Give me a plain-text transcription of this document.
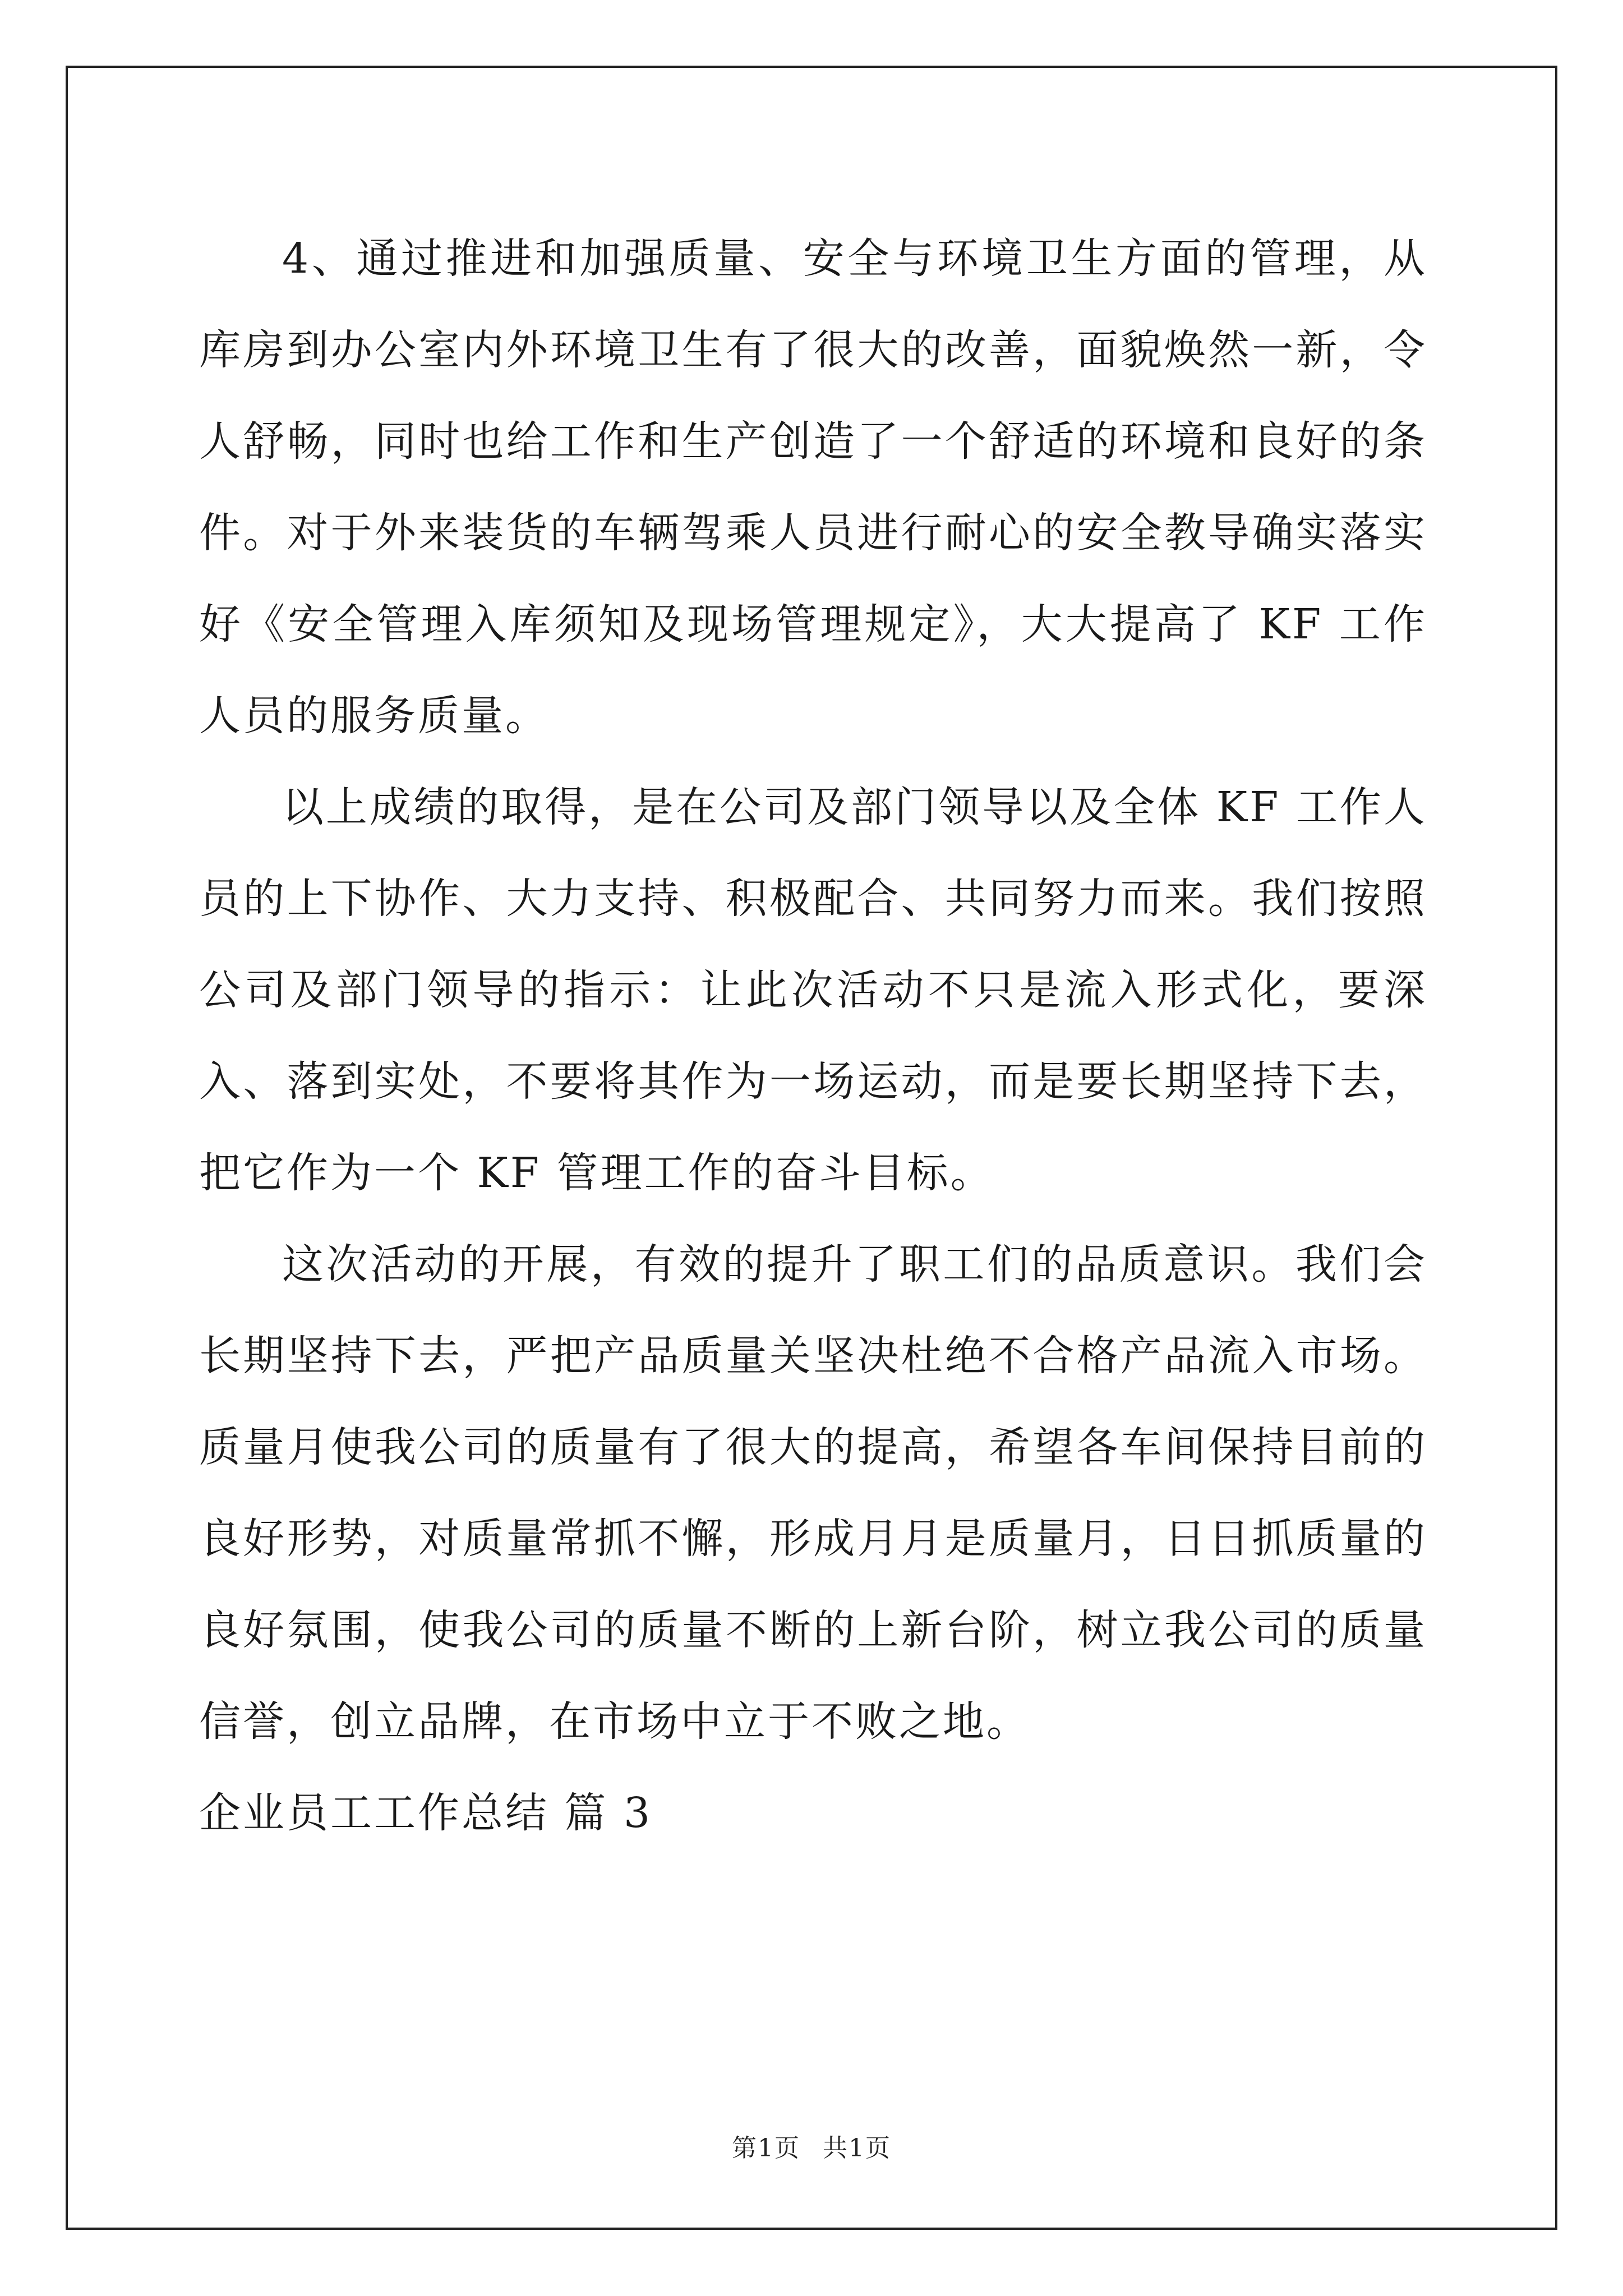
4、通过推进和加强质量、安全与环境卫生方面的管理，从库房到办公室内外环境卫生有了很大的改善，面貌焕然一新，令人舒畅，同时也给工作和生产创造了一个舒适的环境和良好的条件。对于外来装货的车辆驾乘人员进行耐心的安全教导确实落实好《安全管理入库须知及现场管理规定》，大大提高了 KF 工作人员的服务质量。

以上成绩的取得，是在公司及部门领导以及全体 KF 工作人员的上下协作、大力支持、积极配合、共同努力而来。我们按照公司及部门领导的指示：让此次活动不只是流入形式化，要深入、落到实处，不要将其作为一场运动，而是要长期坚持下去，把它作为一个 KF 管理工作的奋斗目标。

这次活动的开展，有效的提升了职工们的品质意识。我们会长期坚持下去，严把产品质量关坚决杜绝不合格产品流入市场。质量月使我公司的质量有了很大的提高，希望各车间保持目前的良好形势，对质量常抓不懈，形成月月是质量月，日日抓质量的良好氛围，使我公司的质量不断的上新台阶，树立我公司的质量信誉，创立品牌，在市场中立于不败之地。

企业员工工作总结 篇 3

第1页 共1页
